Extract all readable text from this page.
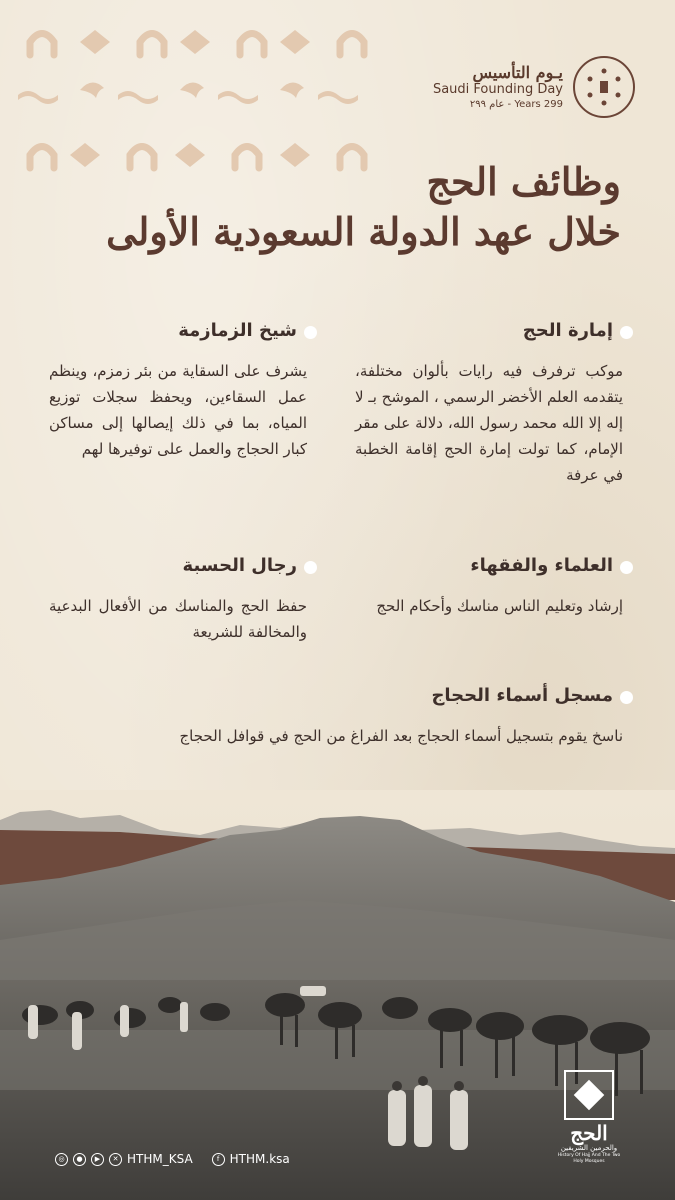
يـوم التأسيس
Saudi Founding Day
299 Years - عام ٢٩٩
وظائف الحج
خلال عهد الدولة السعودية الأولى
إمارة الحج

موكب ترفرف فيه رايات بألوان مختلفة، يتقدمه العلم الأخضر الرسمي ، الموشح بـ لا إله إلا الله محمد رسول الله، دلالة على مقر الإمام، كما تولت إمارة الحج إقامة الخطبة في عرفة

شيخ الزمازمة

يشرف على السقاية من بئر زمزم، وينظم عمل السقاءين، ويحفظ سجلات توزيع المياه، بما في ذلك إيصالها إلى مساكن كبار الحجاج والعمل على توفيرها لهم

العلماء والفقهاء

إرشاد وتعليم الناس مناسك وأحكام الحج

رجال الحسبة

حفظ الحج والمناسك من الأفعال البدعية والمخالفة للشريعة

مسجل أسماء الحجاج

ناسخ يقوم بتسجيل أسماء الحجاج بعد الفراغ من الحج في قوافل الحجاج

◎	●	▶	✕ HTHM_KSA	f HTHM.ksa
الحج
والحرمين الشريفين
History Of Hajj And The Two Holy Mosques
